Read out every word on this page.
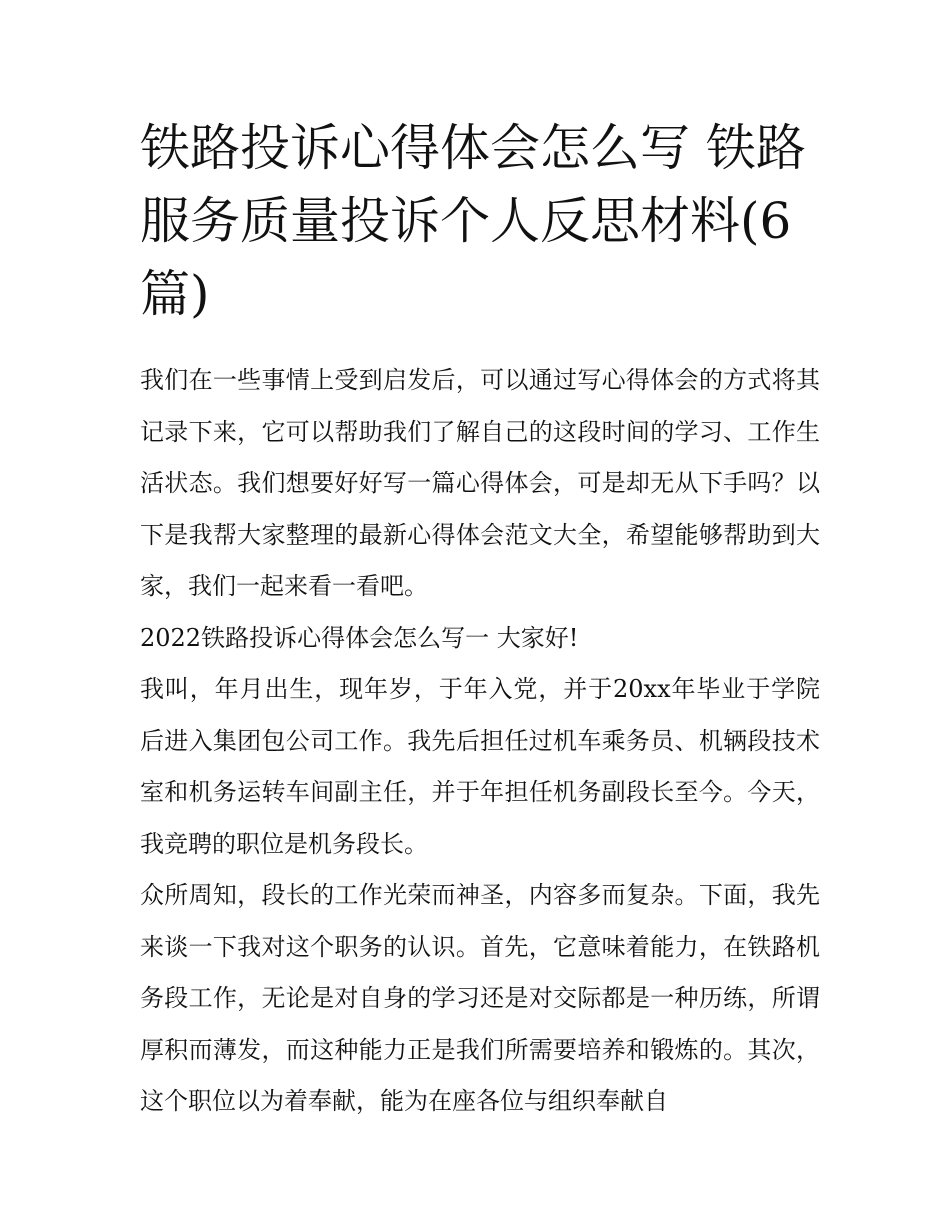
铁路投诉心得体会怎么写 铁路服务质量投诉个人反思材料(6篇)

我们在一些事情上受到启发后，可以通过写心得体会的方式将其记录下来，它可以帮助我们了解自己的这段时间的学习、工作生活状态。我们想要好好写一篇心得体会，可是却无从下手吗？以下是我帮大家整理的最新心得体会范文大全，希望能够帮助到大家，我们一起来看一看吧。

2022铁路投诉心得体会怎么写一 大家好!

我叫，年月出生，现年岁，于年入党，并于20xx年毕业于学院后进入集团包公司工作。我先后担任过机车乘务员、机辆段技术室和机务运转车间副主任，并于年担任机务副段长至今。今天，我竞聘的职位是机务段长。

众所周知，段长的工作光荣而神圣，内容多而复杂。下面，我先来谈一下我对这个职务的认识。首先，它意味着能力，在铁路机务段工作，无论是对自身的学习还是对交际都是一种历练，所谓厚积而薄发，而这种能力正是我们所需要培养和锻炼的。其次，这个职位以为着奉献，能为在座各位与组织奉献自
